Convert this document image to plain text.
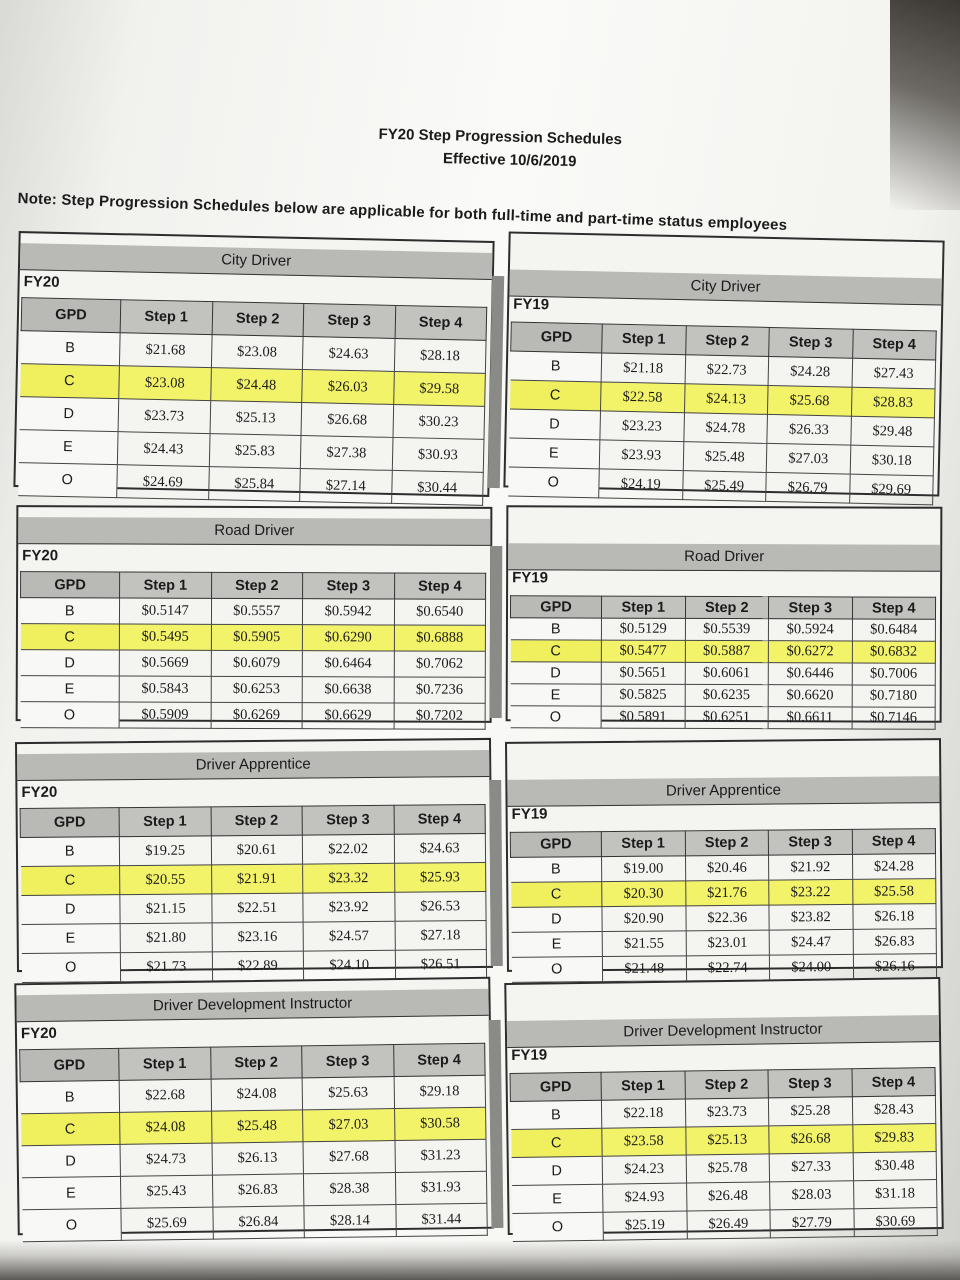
FY20 Step Progression Schedules
Effective 10/6/2019
Note: Step Progression Schedules below are applicable for both full-time and part-time status employees
City Driver
FY20
GPD	Step 1	Step 2	Step 3	Step 4
B	$21.68	$23.08	$24.63	$28.18
C	$23.08	$24.48	$26.03	$29.58
D	$23.73	$25.13	$26.68	$30.23
E	$24.43	$25.83	$27.38	$30.93
O	$24.69	$25.84	$27.14	$30.44
City Driver
FY19
GPD	Step 1	Step 2	Step 3	Step 4
B	$21.18	$22.73	$24.28	$27.43
C	$22.58	$24.13	$25.68	$28.83
D	$23.23	$24.78	$26.33	$29.48
E	$23.93	$25.48	$27.03	$30.18
O	$24.19	$25.49	$26.79	$29.69
Road Driver
FY20
GPD	Step 1	Step 2	Step 3	Step 4
B	$0.5147	$0.5557	$0.5942	$0.6540
C	$0.5495	$0.5905	$0.6290	$0.6888
D	$0.5669	$0.6079	$0.6464	$0.7062
E	$0.5843	$0.6253	$0.6638	$0.7236
O	$0.5909	$0.6269	$0.6629	$0.7202
Road Driver
FY19
GPD	Step 1	Step 2	Step 3	Step 4
B	$0.5129	$0.5539	$0.5924	$0.6484
C	$0.5477	$0.5887	$0.6272	$0.6832
D	$0.5651	$0.6061	$0.6446	$0.7006
E	$0.5825	$0.6235	$0.6620	$0.7180
O	$0.5891	$0.6251	$0.6611	$0.7146
Driver Apprentice
FY20
GPD	Step 1	Step 2	Step 3	Step 4
B	$19.25	$20.61	$22.02	$24.63
C	$20.55	$21.91	$23.32	$25.93
D	$21.15	$22.51	$23.92	$26.53
E	$21.80	$23.16	$24.57	$27.18
O	$21.73	$22.89	$24.10	$26.51
Driver Apprentice
FY19
GPD	Step 1	Step 2	Step 3	Step 4
B	$19.00	$20.46	$21.92	$24.28
C	$20.30	$21.76	$23.22	$25.58
D	$20.90	$22.36	$23.82	$26.18
E	$21.55	$23.01	$24.47	$26.83
O	$21.48	$22.74	$24.00	$26.16
Driver Development Instructor
FY20
GPD	Step 1	Step 2	Step 3	Step 4
B	$22.68	$24.08	$25.63	$29.18
C	$24.08	$25.48	$27.03	$30.58
D	$24.73	$26.13	$27.68	$31.23
E	$25.43	$26.83	$28.38	$31.93
O	$25.69	$26.84	$28.14	$31.44
Driver Development Instructor
FY19
GPD	Step 1	Step 2	Step 3	Step 4
B	$22.18	$23.73	$25.28	$28.43
C	$23.58	$25.13	$26.68	$29.83
D	$24.23	$25.78	$27.33	$30.48
E	$24.93	$26.48	$28.03	$31.18
O	$25.19	$26.49	$27.79	$30.69
